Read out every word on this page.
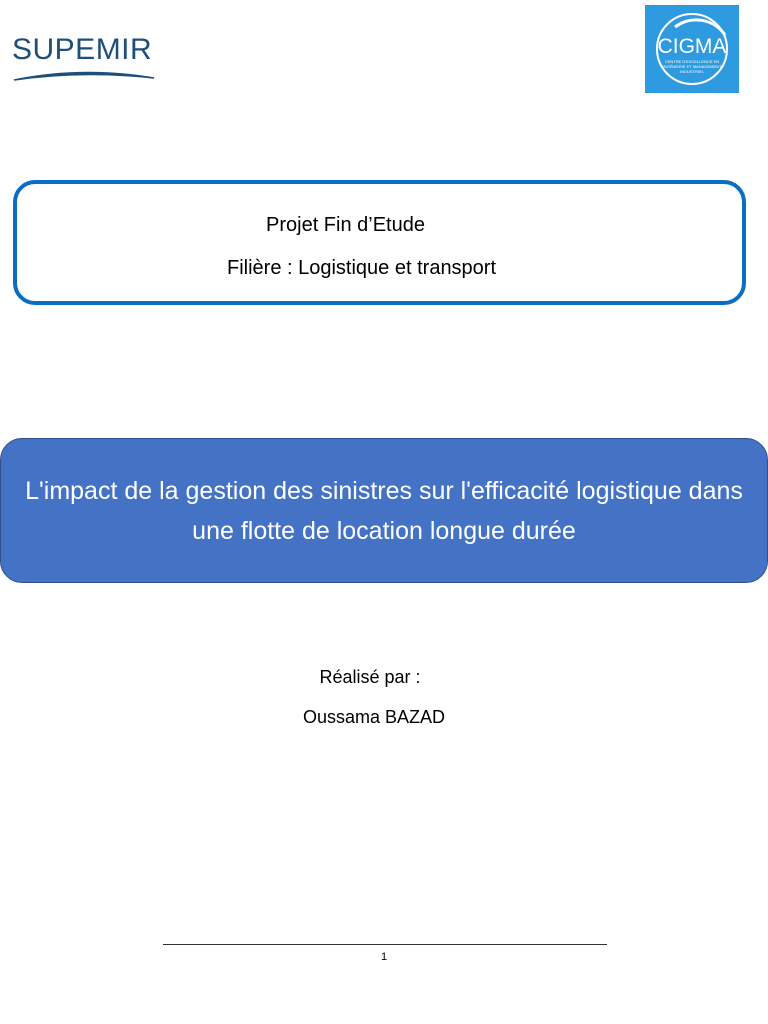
SUPEMIR	CIGMA
CENTRE D'EXCELLENCE EN
INGÉNIERIE ET MANAGEMENT
INDUSTRIEL
Projet Fin d’Etude
Filière : Logistique et transport

L'impact de la gestion des sinistres sur l'efficacité logistique dans une flotte de location longue durée

Réalisé par :
Oussama BAZAD
1
